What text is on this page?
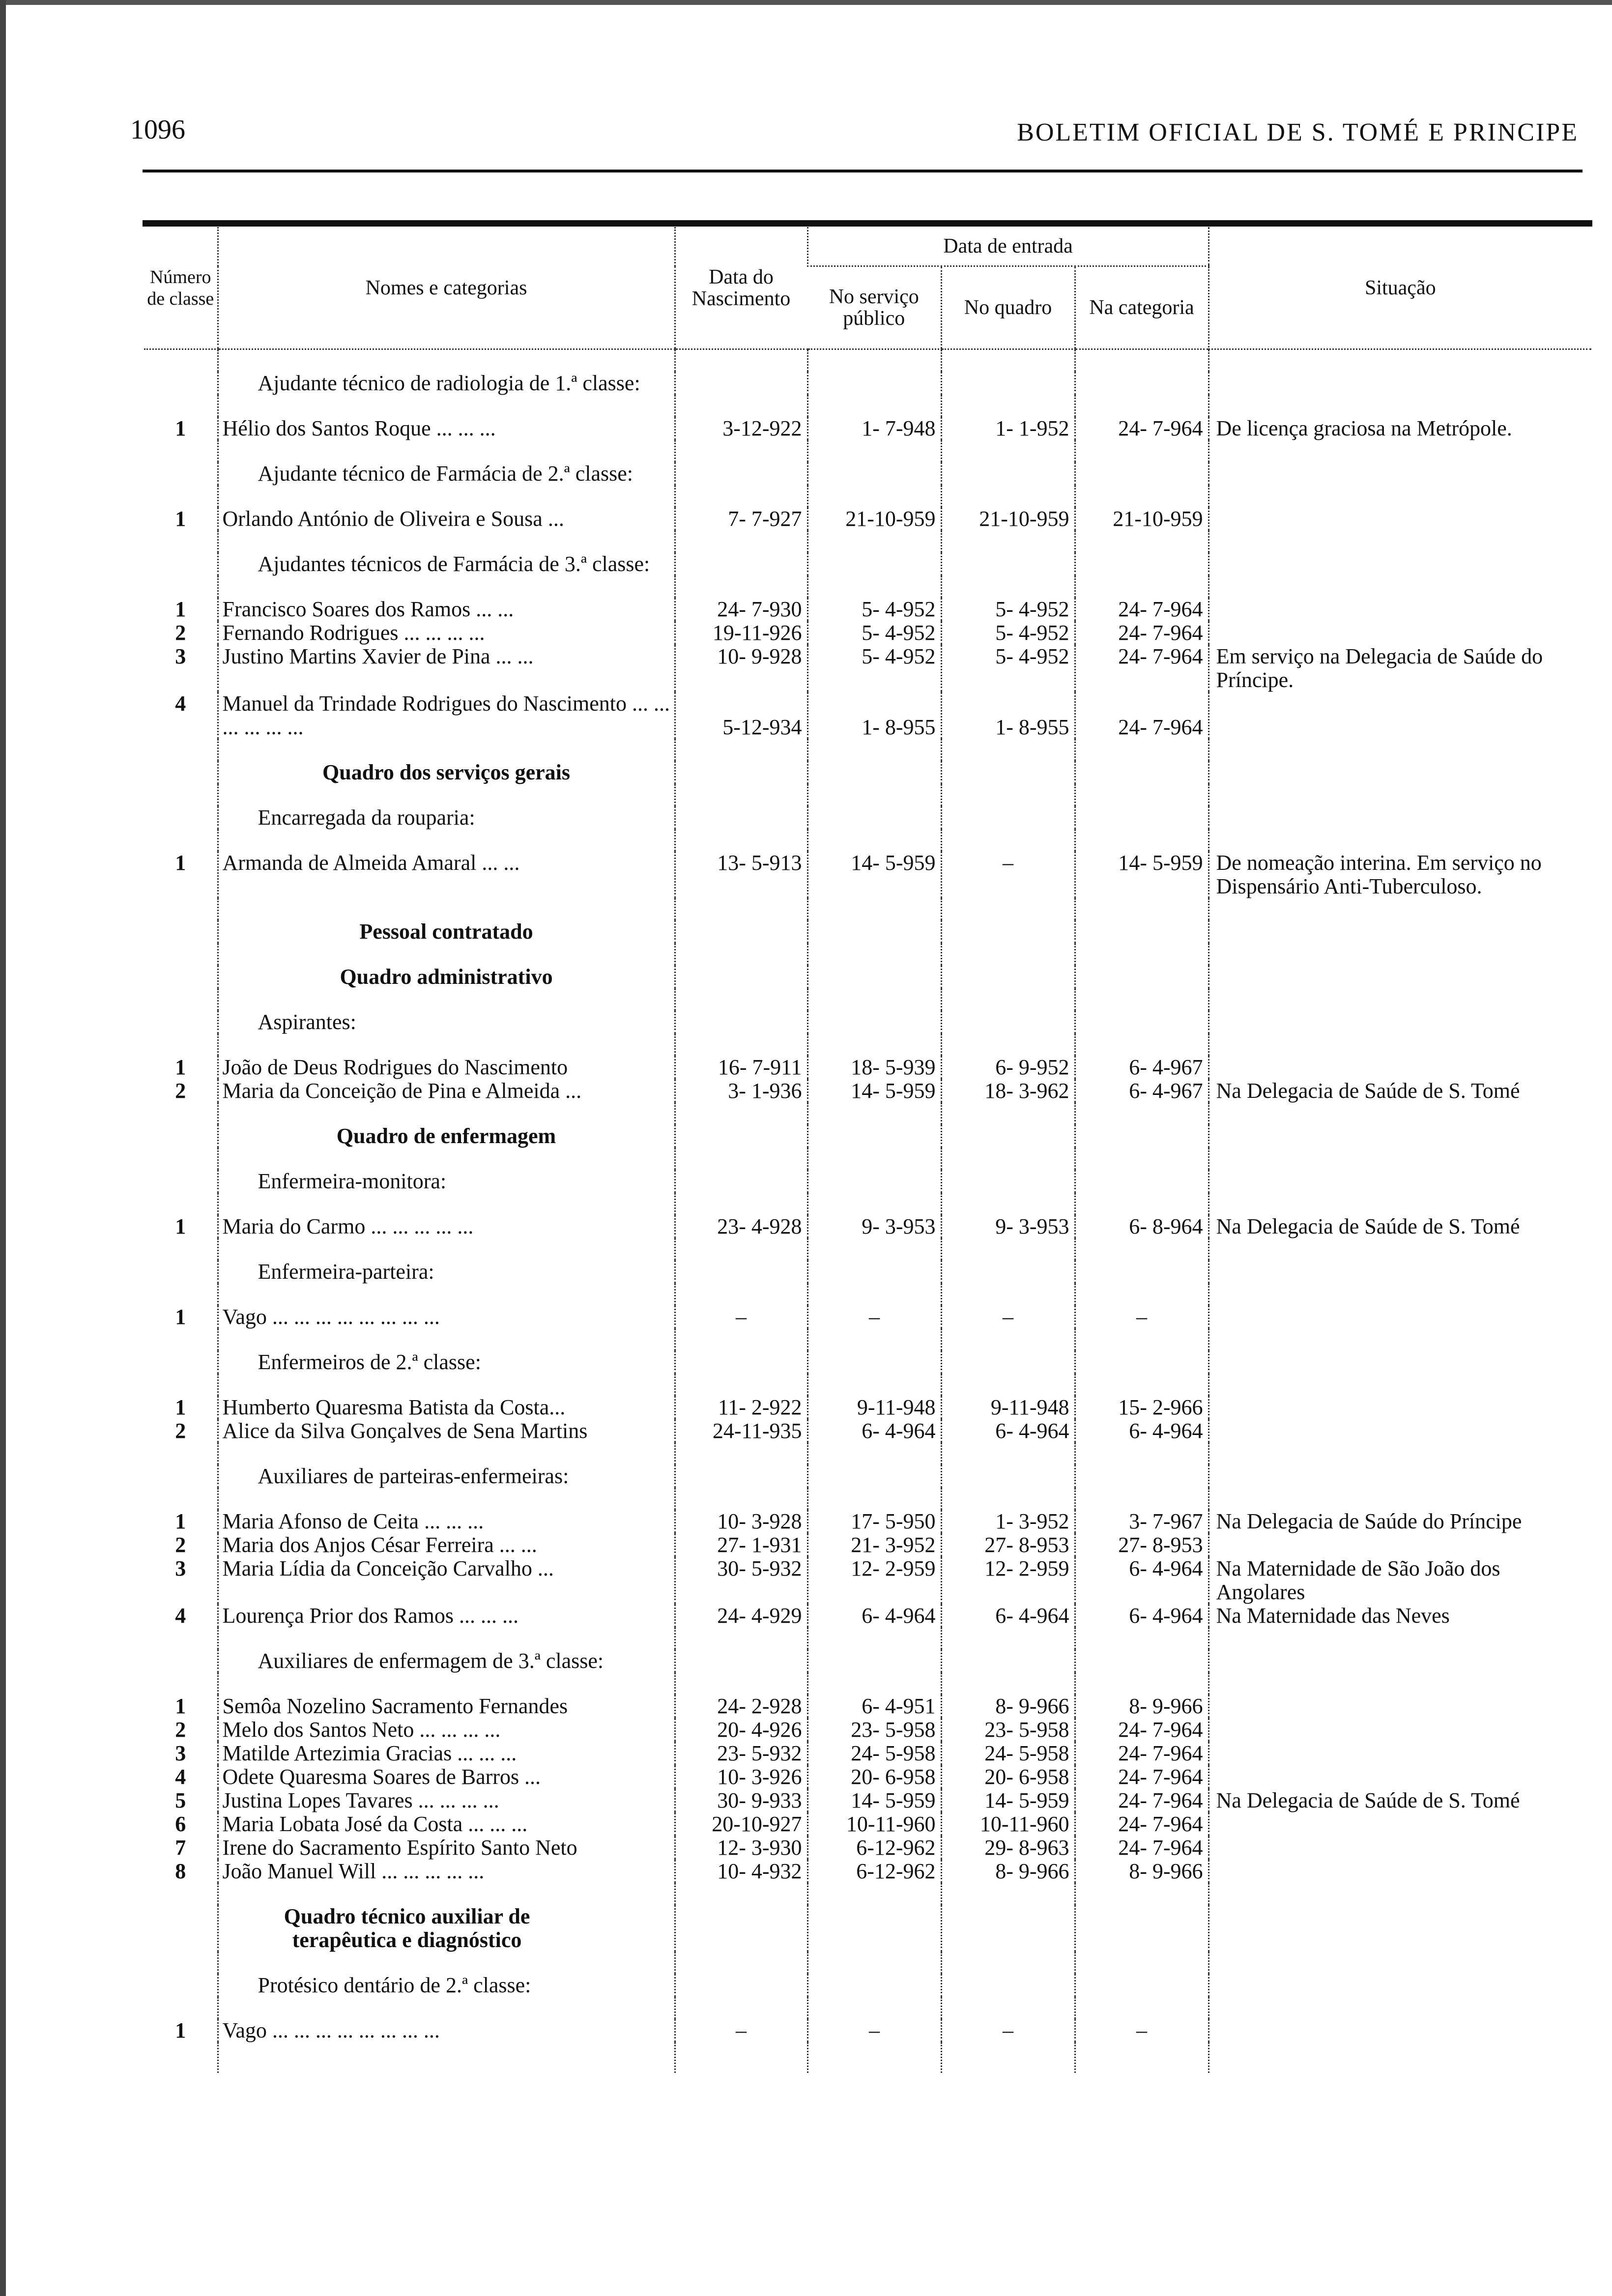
1096	BOLETIM OFICIAL DE S. TOMÉ E PRINCIPE
Número de classe	Nomes e categorias	Data do Nascimento	Data de entrada			Situação
			No serviço público	No quadro	Na categoria	

	Ajudante técnico de radiologia de 1.ª classe:					

1	Hélio dos Santos Roque ... ... ...	3-12-922	1- 7-948	1- 1-952	24- 7-964	De licença graciosa na Metrópole.

	Ajudante técnico de Farmácia de 2.ª classe:					

1	Orlando António de Oliveira e Sousa ...	7- 7-927	21-10-959	21-10-959	21-10-959	

	Ajudantes técnicos de Farmácia de 3.ª classe:					

1	Francisco Soares dos Ramos ... ...	24- 7-930	5- 4-952	5- 4-952	24- 7-964	
2	Fernando Rodrigues ... ... ... ...	19-11-926	5- 4-952	5- 4-952	24- 7-964	
3	Justino Martins Xavier de Pina ... ...	10- 9-928	5- 4-952	5- 4-952	24- 7-964	Em serviço na Delegacia de Saúde do Príncipe.
4	Manuel da Trindade Rodrigues do Nascimento ... ... ... ... ... ...	5-12-934	1- 8-955	1- 8-955	24- 7-964	

	Quadro dos serviços gerais					

	Encarregada da rouparia:					

1	Armanda de Almeida Amaral ... ...	13- 5-913	14- 5-959	–	14- 5-959	De nomeação interina. Em serviço no Dispensário Anti-Tuberculoso.

	Pessoal contratado					

	Quadro administrativo					

	Aspirantes:					

1	João de Deus Rodrigues do Nascimento	16- 7-911	18- 5-939	6- 9-952	6- 4-967	
2	Maria da Conceição de Pina e Almeida ...	3- 1-936	14- 5-959	18- 3-962	6- 4-967	Na Delegacia de Saúde de S. Tomé

	Quadro de enfermagem					

	Enfermeira-monitora:					

1	Maria do Carmo ... ... ... ... ...	23- 4-928	9- 3-953	9- 3-953	6- 8-964	Na Delegacia de Saúde de S. Tomé

	Enfermeira-parteira:					

1	Vago ... ... ... ... ... ... ... ...	–	–	–	–	

	Enfermeiros de 2.ª classe:					

1	Humberto Quaresma Batista da Costa...	11- 2-922	9-11-948	9-11-948	15- 2-966	
2	Alice da Silva Gonçalves de Sena Martins	24-11-935	6- 4-964	6- 4-964	6- 4-964	

	Auxiliares de parteiras-enfermeiras:					

1	Maria Afonso de Ceita ... ... ...	10- 3-928	17- 5-950	1- 3-952	3- 7-967	Na Delegacia de Saúde do Príncipe
2	Maria dos Anjos César Ferreira ... ...	27- 1-931	21- 3-952	27- 8-953	27- 8-953	
3	Maria Lídia da Conceição Carvalho ...	30- 5-932	12- 2-959	12- 2-959	6- 4-964	Na Maternidade de São João dos Angolares
4	Lourença Prior dos Ramos ... ... ...	24- 4-929	6- 4-964	6- 4-964	6- 4-964	Na Maternidade das Neves

	Auxiliares de enfermagem de 3.ª classe:					

1	Semôa Nozelino Sacramento Fernandes	24- 2-928	6- 4-951	8- 9-966	8- 9-966	
2	Melo dos Santos Neto ... ... ... ...	20- 4-926	23- 5-958	23- 5-958	24- 7-964	
3	Matilde Artezimia Gracias ... ... ...	23- 5-932	24- 5-958	24- 5-958	24- 7-964	
4	Odete Quaresma Soares de Barros ...	10- 3-926	20- 6-958	20- 6-958	24- 7-964	
5	Justina Lopes Tavares ... ... ... ...	30- 9-933	14- 5-959	14- 5-959	24- 7-964	Na Delegacia de Saúde de S. Tomé
6	Maria Lobata José da Costa ... ... ...	20-10-927	10-11-960	10-11-960	24- 7-964	
7	Irene do Sacramento Espírito Santo Neto	12- 3-930	6-12-962	29- 8-963	24- 7-964	
8	João Manuel Will ... ... ... ... ...	10- 4-932	6-12-962	8- 9-966	8- 9-966	

	Quadro técnico auxiliar de terapêutica e diagnóstico					

	Protésico dentário de 2.ª classe:					

1	Vago ... ... ... ... ... ... ... ...	–	–	–	–	
